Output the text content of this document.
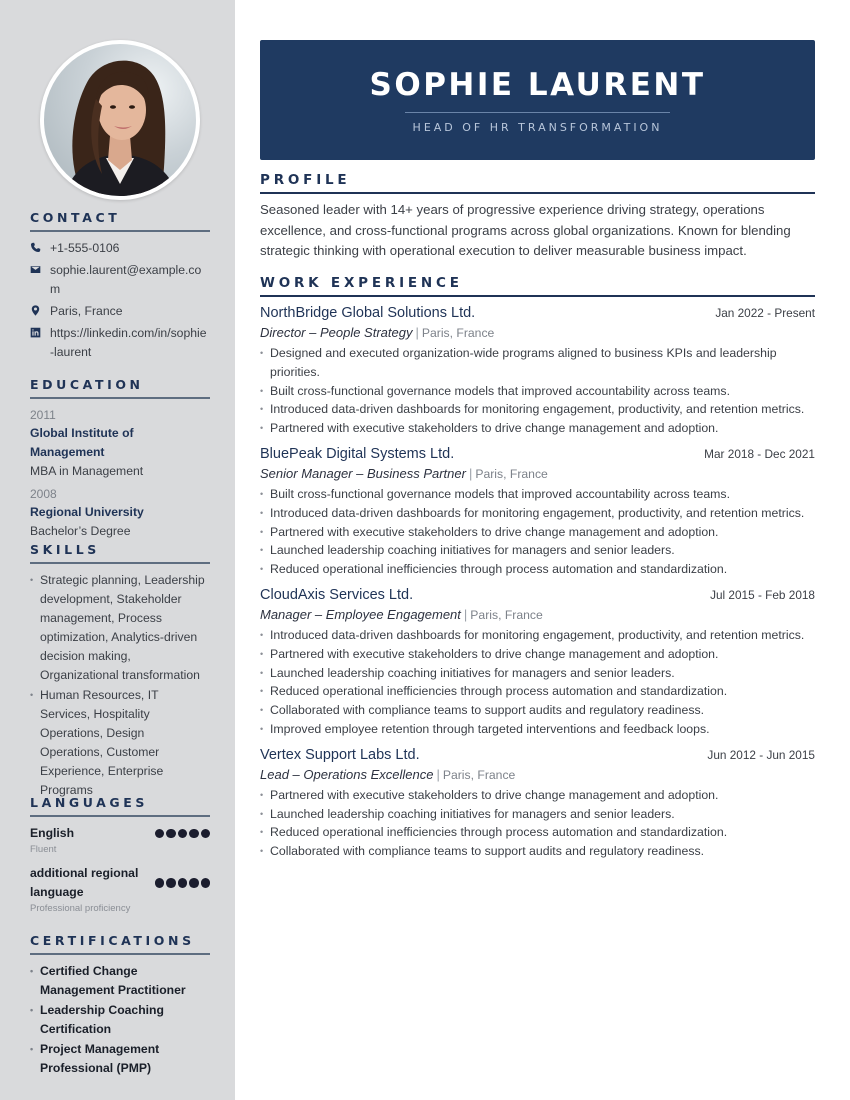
CONTACT
+1-555-0106
sophie.laurent@example.com
Paris, France
https://linkedin.com/in/sophie-laurent
EDUCATION
2011
Global Institute of Management
MBA in Management
2008
Regional University
Bachelor’s Degree
SKILLS
• Strategic planning, Leadership development, Stakeholder management, Process optimization, Analytics-driven decision making, Organizational transformation
• Human Resources, IT Services, Hospitality Operations, Design Operations, Customer Experience, Enterprise Programs
LANGUAGES
English
Fluent
additional regional language
Professional proficiency
CERTIFICATIONS
• Certified Change Management Practitioner
• Leadership Coaching Certification
• Project Management Professional (PMP)
SOPHIE LAURENT
HEAD OF HR TRANSFORMATION
PROFILE

Seasoned leader with 14+ years of progressive experience driving strategy, operations excellence, and cross-functional programs across global organizations. Known for blending strategic thinking with operational execution to deliver measurable business impact.

WORK EXPERIENCE
NorthBridge Global Solutions Ltd.	Jan 2022 - Present
Director – People Strategy | Paris, France
• Designed and executed organization-wide programs aligned to business KPIs and leadership priorities.
• Built cross-functional governance models that improved accountability across teams.
• Introduced data-driven dashboards for monitoring engagement, productivity, and retention metrics.
• Partnered with executive stakeholders to drive change management and adoption.
BluePeak Digital Systems Ltd.	Mar 2018 - Dec 2021
Senior Manager – Business Partner | Paris, France
• Built cross-functional governance models that improved accountability across teams.
• Introduced data-driven dashboards for monitoring engagement, productivity, and retention metrics.
• Partnered with executive stakeholders to drive change management and adoption.
• Launched leadership coaching initiatives for managers and senior leaders.
• Reduced operational inefficiencies through process automation and standardization.
CloudAxis Services Ltd.	Jul 2015 - Feb 2018
Manager – Employee Engagement | Paris, France
• Introduced data-driven dashboards for monitoring engagement, productivity, and retention metrics.
• Partnered with executive stakeholders to drive change management and adoption.
• Launched leadership coaching initiatives for managers and senior leaders.
• Reduced operational inefficiencies through process automation and standardization.
• Collaborated with compliance teams to support audits and regulatory readiness.
• Improved employee retention through targeted interventions and feedback loops.
Vertex Support Labs Ltd.	Jun 2012 - Jun 2015
Lead – Operations Excellence | Paris, France
• Partnered with executive stakeholders to drive change management and adoption.
• Launched leadership coaching initiatives for managers and senior leaders.
• Reduced operational inefficiencies through process automation and standardization.
• Collaborated with compliance teams to support audits and regulatory readiness.
